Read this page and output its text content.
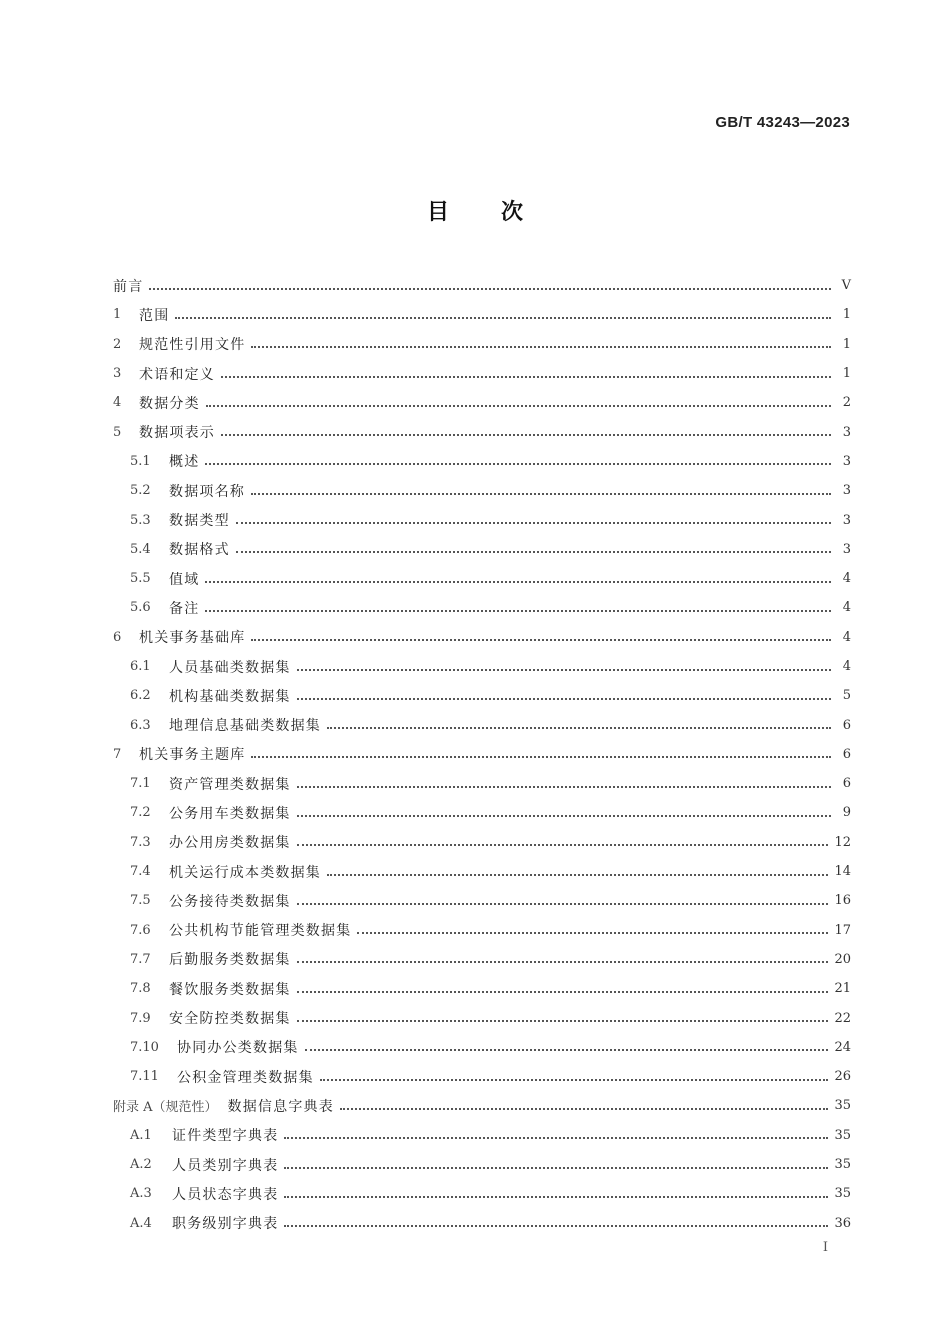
GB/T 43243—2023
目次
前言	V
1	范围	1
2	规范性引用文件	1
3	术语和定义	1
4	数据分类	2
5	数据项表示	3
5.1	概述	3
5.2	数据项名称	3
5.3	数据类型	3
5.4	数据格式	3
5.5	值域	4
5.6	备注	4
6	机关事务基础库	4
6.1	人员基础类数据集	4
6.2	机构基础类数据集	5
6.3	地理信息基础类数据集	6
7	机关事务主题库	6
7.1	资产管理类数据集	6
7.2	公务用车类数据集	9
7.3	办公用房类数据集	12
7.4	机关运行成本类数据集	14
7.5	公务接待类数据集	16
7.6	公共机构节能管理类数据集	17
7.7	后勤服务类数据集	20
7.8	餐饮服务类数据集	21
7.9	安全防控类数据集	22
7.10	协同办公类数据集	24
7.11	公积金管理类数据集	26
附录 A（规范性） 数据信息字典表	35
A.1	证件类型字典表	35
A.2	人员类别字典表	35
A.3	人员状态字典表	35
A.4	职务级别字典表	36
I
